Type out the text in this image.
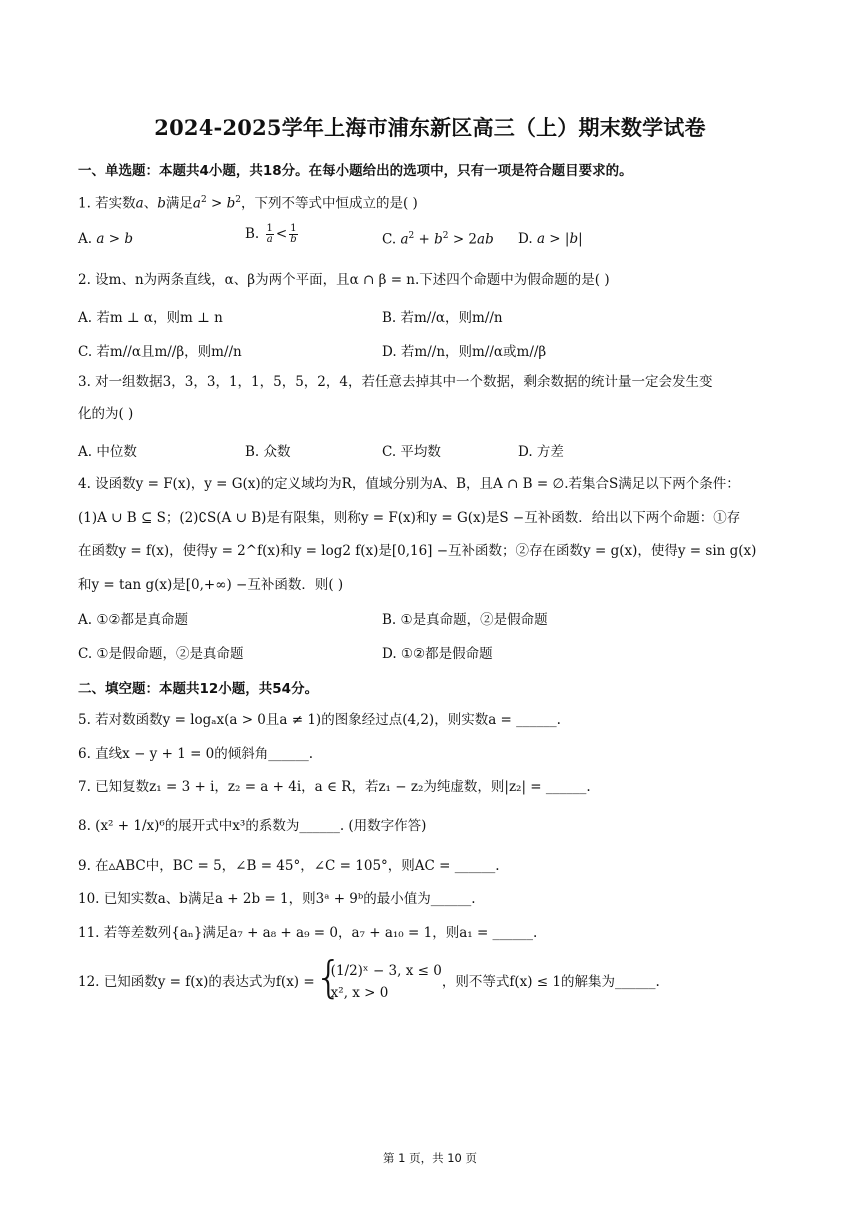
2024-2025学年上海市浦东新区高三（上）期末数学试卷
一、单选题：本题共4小题，共18分。在每小题给出的选项中，只有一项是符合题目要求的。
1. 若实数a、b满足$a^2 > b^2$，下列不等式中恒成立的是( )
A. a > b	B. $\frac{1}{a} < \frac{1}{b}$	C. $a^2 + b^2 > 2ab$ D. a > |b|
2. 设m、n为两条直线，α、β为两个平面，且α ∩ β = n.下述四个命题中为假命题的是( )
A. 若m ⊥ α，则m ⊥ n	B. 若m//α，则m//n
C. 若m//α且m//β，则m//n	D. 若m//n，则m//α或m//β
3. 对一组数据3，3，3，1，1，5，5，2，4，若任意去掉其中一个数据，剩余数据的统计量一定会发生变
化的为( )
A. 中位数	B. 众数	C. 平均数	D. 方差
4. 设函数y = F(x)，y = G(x)的定义域均为R，值域分别为A、B，且A ∩ B = ∅.若集合S满足以下两个条件：
(1)A ∪ B ⊆ S；(2)∁S(A ∪ B)是有限集，则称y = F(x)和y = G(x)是S −互补函数．给出以下两个命题：①存
在函数y = f(x)，使得y = 2^f(x)和y = log2 f(x)是[0,16] −互补函数；②存在函数y = g(x)，使得y = sin g(x)
和y = tan g(x)是[0,+∞) −互补函数．则( )
A. ①②都是真命题	B. ①是真命题，②是假命题
C. ①是假命题，②是真命题	D. ①②都是假命题
二、填空题：本题共12小题，共54分。
5. 若对数函数y = logₐx(a > 0且a ≠ 1)的图象经过点(4,2)，则实数a = ______.
6. 直线x − y + 1 = 0的倾斜角______.
7. 已知复数z₁ = 3 + i，z₂ = a + 4i，a ∈ R，若z₁ − z₂为纯虚数，则|z₂| = ______.
8. (x² + 1/x)⁶的展开式中x³的系数为______. (用数字作答)
9. 在▵ABC中，BC = 5，∠B = 45°，∠C = 105°，则AC = ______.
10. 已知实数a、b满足a + 2b = 1，则3ᵃ + 9ᵇ的最小值为______.
11. 若等差数列{aₙ}满足a₇ + a₈ + a₉ = 0，a₇ + a₁₀ = 1，则a₁ = ______.
12. 已知函数y = f(x)的表达式为f(x) = {
(1/2)ˣ − 3, x ≤ 0
x², x > 0
，则不等式f(x) ≤ 1的解集为______.
第 1 页，共 10 页
